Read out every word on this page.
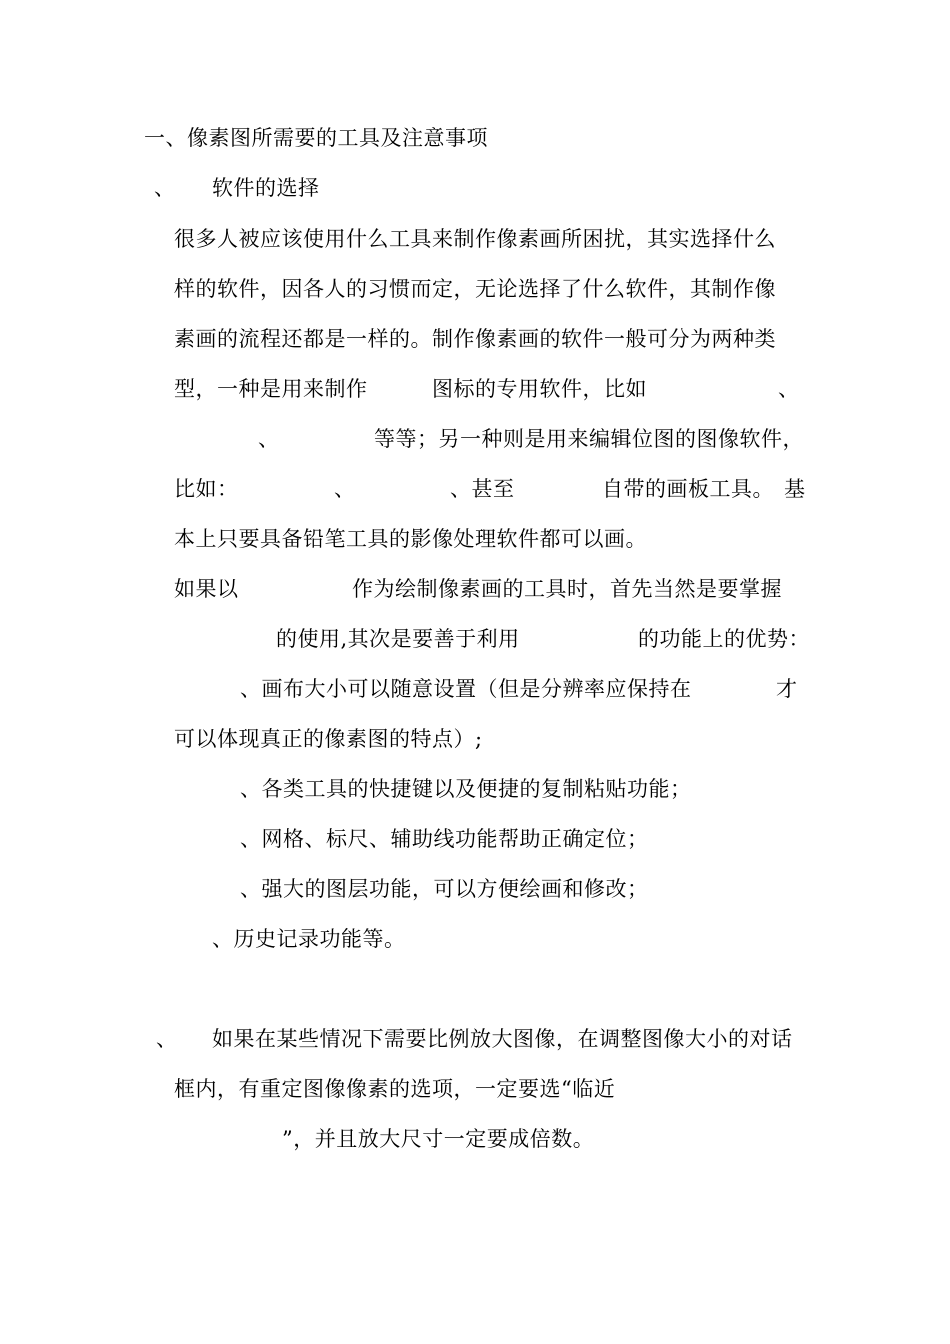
一、像素图所需要的工具及注意事项
、 软件的选择
很多人被应该使用什么工具来制作像素画所困扰，其实选择什么
样的软件，因各人的习惯而定，无论选择了什么软件，其制作像
素画的流程还都是一样的。制作像素画的软件一般可分为两种类
型，一种是用来制作	图标的专用软件，比如	、
、	等等；另一种则是用来编辑位图的图像软件，
比如：	、	、甚至	自带的画板工具。 基
本上只要具备铅笔工具的影像处理软件都可以画。
如果以	作为绘制像素画的工具时，首先当然是要掌握
的使用,其次是要善于利用	的功能上的优势：
、画布大小可以随意设置（但是分辨率应保持在	才
可以体现真正的像素图的特点）;
、各类工具的快捷键以及便捷的复制粘贴功能；
、网格、标尺、辅助线功能帮助正确定位；
、强大的图层功能，可以方便绘画和修改；
、历史记录功能等。
、 如果在某些情况下需要比例放大图像，在调整图像大小的对话
框内，有重定图像像素的选项，一定要选“临近
”，并且放大尺寸一定要成倍数。
